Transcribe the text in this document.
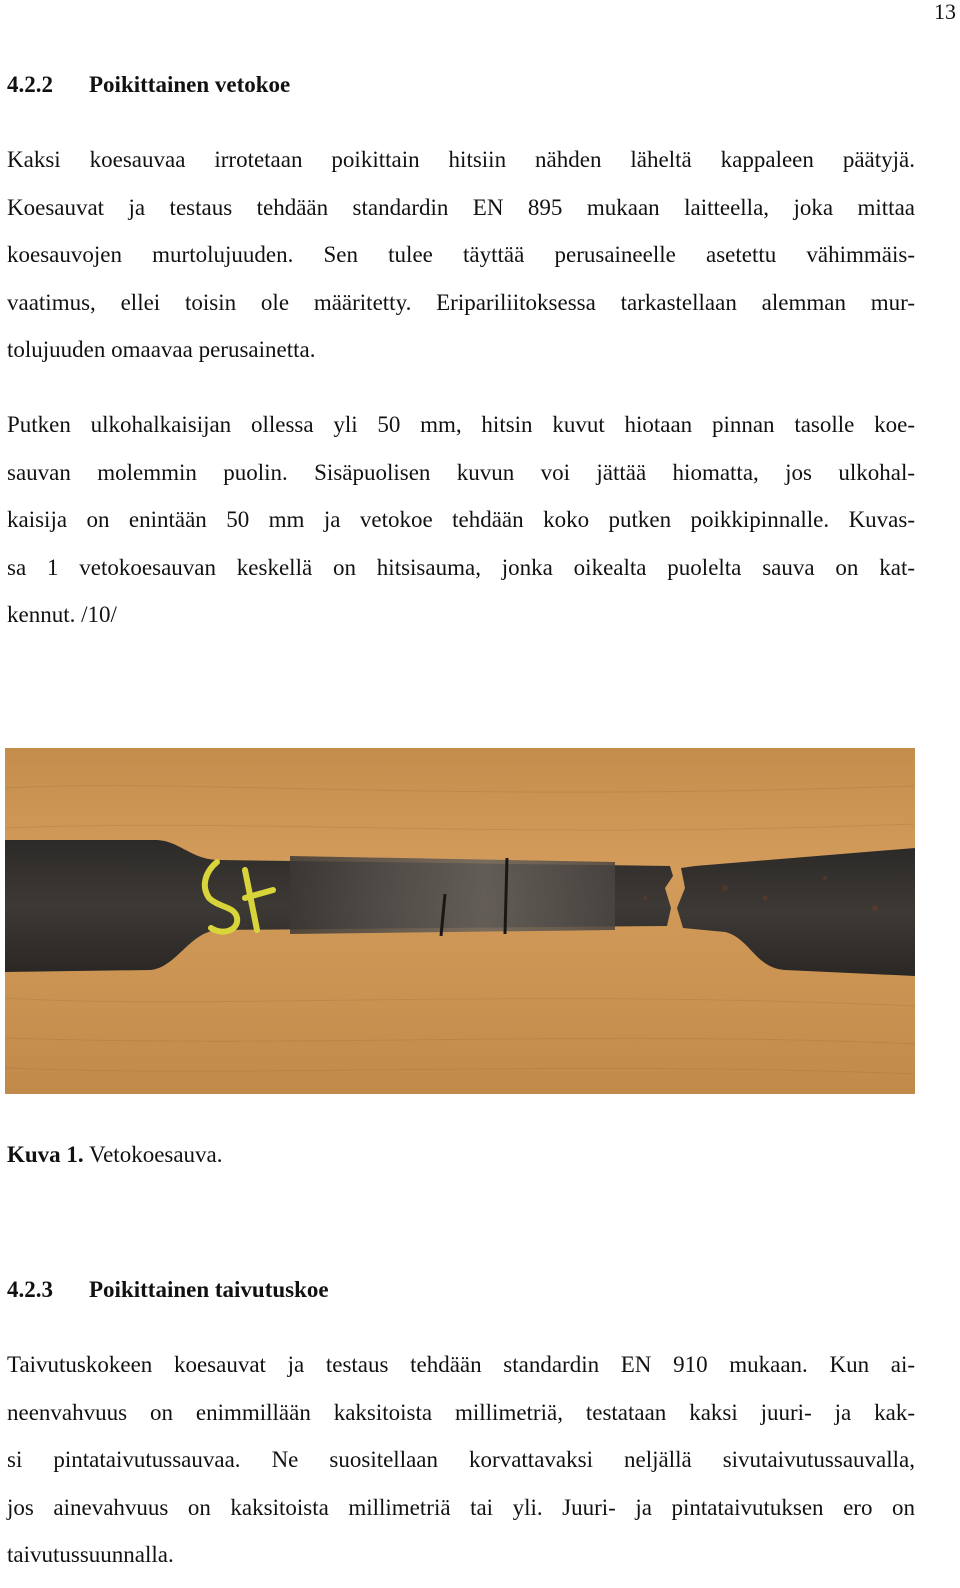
13
4.2.2 Poikittainen vetokoe
Kaksi koesauvaa irrotetaan poikittain hitsiin nähden läheltä kappaleen päätyjä.
Koesauvat ja testaus tehdään standardin EN 895 mukaan laitteella, joka mittaa
koesauvojen murtolujuuden. Sen tulee täyttää perusaineelle asetettu vähimmäis-
vaatimus, ellei toisin ole määritetty. Eripariliitoksessa tarkastellaan alemman mur-
tolujuuden omaavaa perusainetta.
Putken ulkohalkaisijan ollessa yli 50 mm, hitsin kuvut hiotaan pinnan tasolle koe-
sauvan molemmin puolin. Sisäpuolisen kuvun voi jättää hiomatta, jos ulkohal-
kaisija on enintään 50 mm ja vetokoe tehdään koko putken poikkipinnalle. Kuvas-
sa 1 vetokoesauvan keskellä on hitsisauma, jonka oikealta puolelta sauva on kat-
kennut. /10/
Kuva 1. Vetokoesauva.
4.2.3 Poikittainen taivutuskoe
Taivutuskokeen koesauvat ja testaus tehdään standardin EN 910 mukaan. Kun ai-
neenvahvuus on enimmillään kaksitoista millimetriä, testataan kaksi juuri- ja kak-
si pintataivutussauvaa. Ne suositellaan korvattavaksi neljällä sivutaivutussauvalla,
jos ainevahvuus on kaksitoista millimetriä tai yli. Juuri- ja pintataivutuksen ero on
taivutussuunnalla.
